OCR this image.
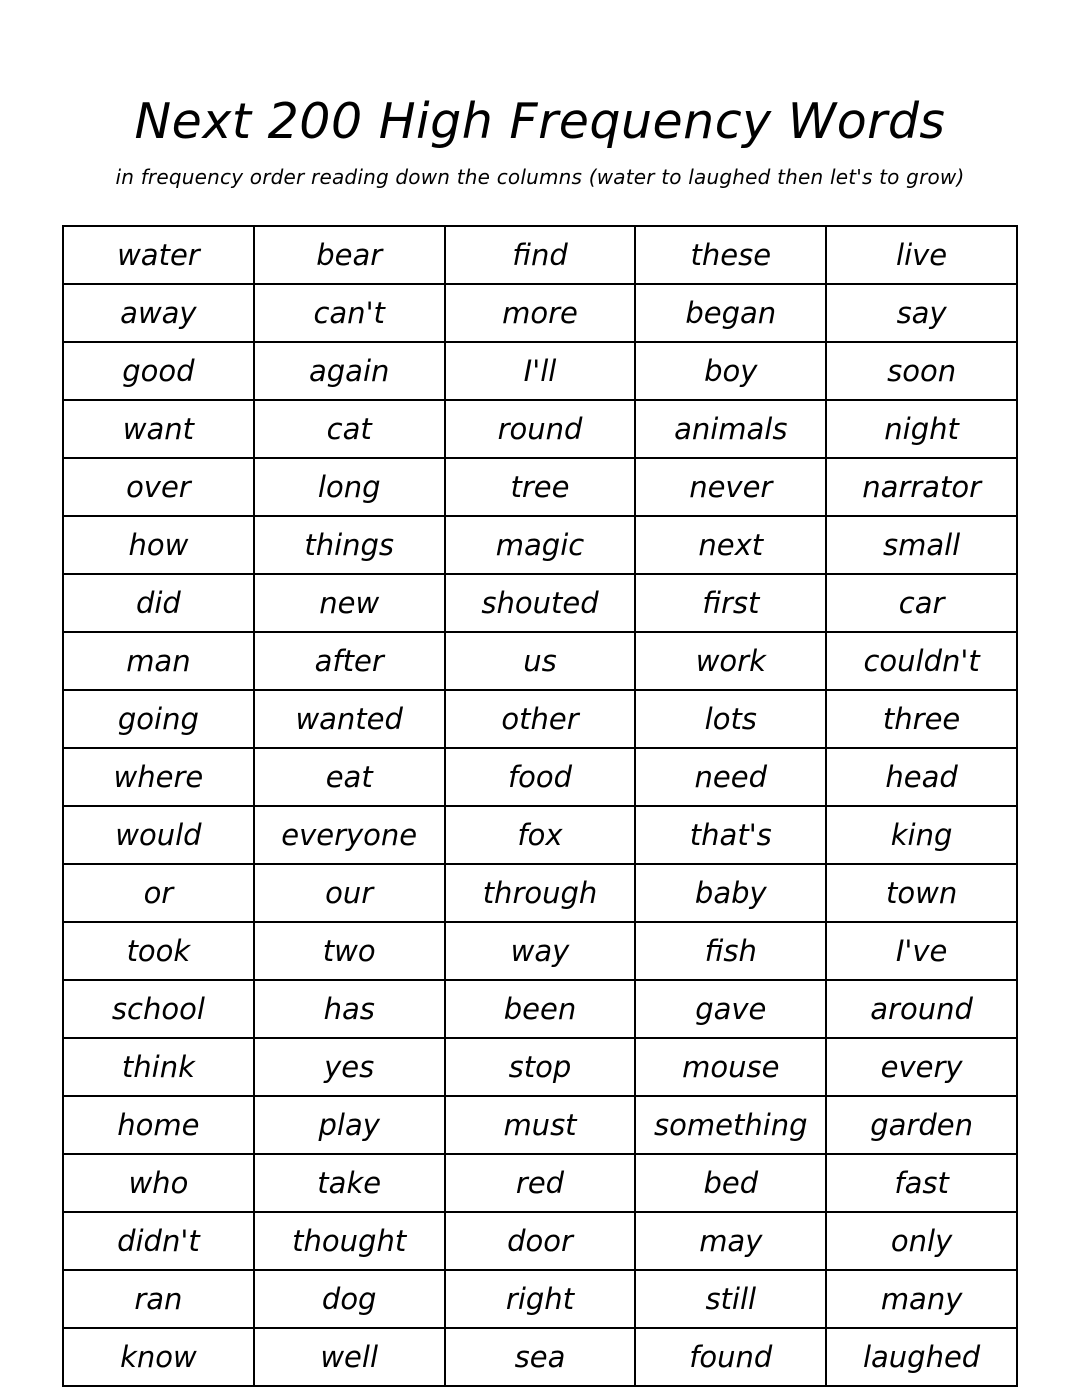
Next 200 High Frequency Words

in frequency order reading down the columns (water to laughed then let's to grow)

water	bear	find	these	live
away	can't	more	began	say
good	again	I'll	boy	soon
want	cat	round	animals	night
over	long	tree	never	narrator
how	things	magic	next	small
did	new	shouted	first	car
man	after	us	work	couldn't
going	wanted	other	lots	three
where	eat	food	need	head
would	everyone	fox	that's	king
or	our	through	baby	town
took	two	way	fish	I've
school	has	been	gave	around
think	yes	stop	mouse	every
home	play	must	something	garden
who	take	red	bed	fast
didn't	thought	door	may	only
ran	dog	right	still	many
know	well	sea	found	laughed
